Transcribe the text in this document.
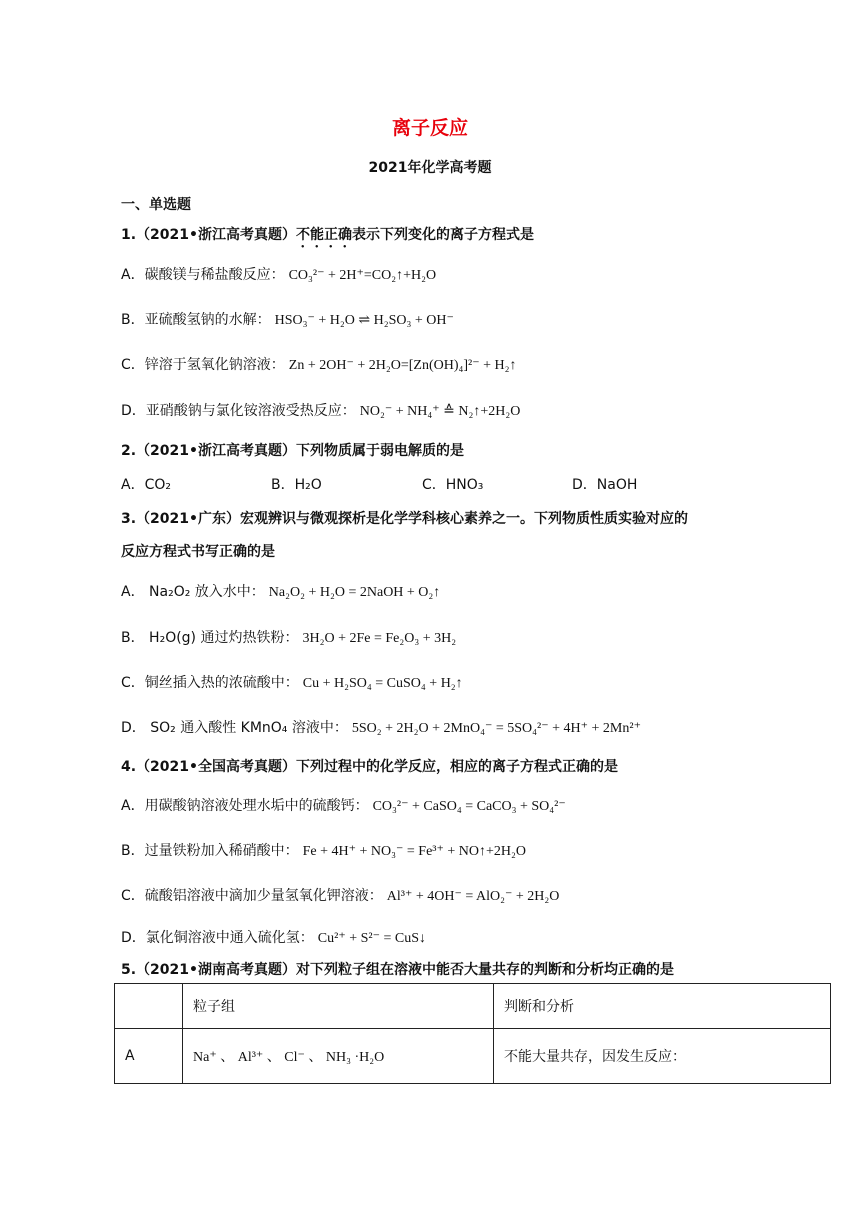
离子反应
2021年化学高考题
一、单选题
1.（2021•浙江高考真题）不能正确表示下列变化的离子方程式是
A．碳酸镁与稀盐酸反应： CO₃²⁻ + 2H⁺=CO₂↑+H₂O
B．亚硫酸氢钠的水解： HSO₃⁻ + H₂O ⇌ H₂SO₃ + OH⁻
C．锌溶于氢氧化钠溶液： Zn + 2OH⁻ + 2H₂O=[Zn(OH)₄]²⁻ + H₂↑
D．亚硝酸钠与氯化铵溶液受热反应： NO₂⁻ + NH₄⁺ ≙ N₂↑+2H₂O
2.（2021•浙江高考真题）下列物质属于弱电解质的是
A．CO₂	B．H₂O	C．HNO₃	D．NaOH
3.（2021•广东）宏观辨识与微观探析是化学学科核心素养之一。下列物质性质实验对应的
反应方程式书写正确的是
A． Na₂O₂ 放入水中： Na₂O₂ + H₂O = 2NaOH + O₂↑
B． H₂O(g) 通过灼热铁粉： 3H₂O + 2Fe = Fe₂O₃ + 3H₂
C．铜丝插入热的浓硫酸中： Cu + H₂SO₄ = CuSO₄ + H₂↑
D． SO₂ 通入酸性 KMnO₄ 溶液中： 5SO₂ + 2H₂O + 2MnO₄⁻ = 5SO₄²⁻ + 4H⁺ + 2Mn²⁺
4.（2021•全国高考真题）下列过程中的化学反应，相应的离子方程式正确的是
A．用碳酸钠溶液处理水垢中的硫酸钙： CO₃²⁻ + CaSO₄ = CaCO₃ + SO₄²⁻
B．过量铁粉加入稀硝酸中： Fe + 4H⁺ + NO₃⁻ = Fe³⁺ + NO↑+2H₂O
C．硫酸铝溶液中滴加少量氢氧化钾溶液： Al³⁺ + 4OH⁻ = AlO₂⁻ + 2H₂O
D．氯化铜溶液中通入硫化氢： Cu²⁺ + S²⁻ = CuS↓
5.（2021•湖南高考真题）对下列粒子组在溶液中能否大量共存的判断和分析均正确的是
	粒子组	判断和分析
A	Na⁺ 、 Al³⁺ 、 Cl⁻ 、 NH₃ ·H₂O	不能大量共存，因发生反应：
